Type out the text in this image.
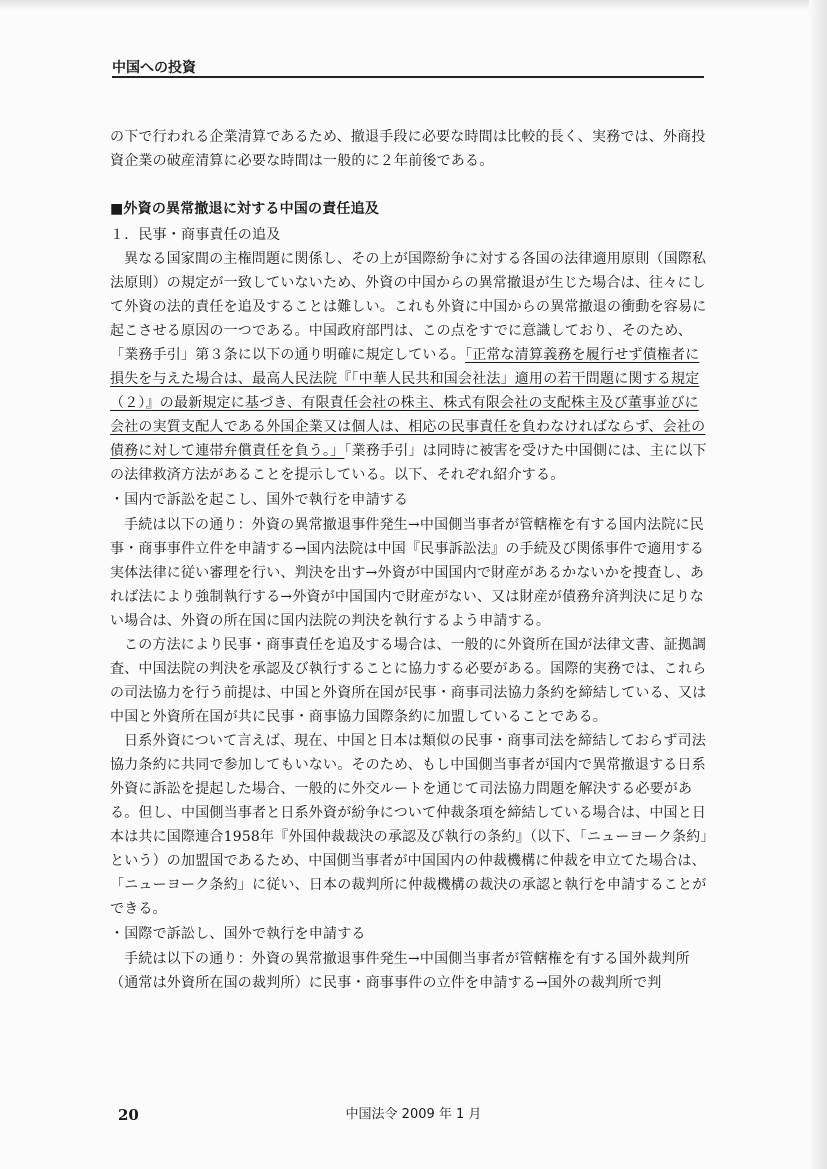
中国への投資

の下で行われる企業清算であるため、撤退手段に必要な時間は比較的長く、実務では、外商投資企業の破産清算に必要な時間は一般的に２年前後である。

■外資の異常撤退に対する中国の責任追及

１．民事・商事責任の追及

異なる国家間の主権問題に関係し、その上が国際紛争に対する各国の法律適用原則（国際私法原則）の規定が一致していないため、外資の中国からの異常撤退が生じた場合は、往々にして外資の法的責任を追及することは難しい。これも外資に中国からの異常撤退の衝動を容易に起こさせる原因の一つである。中国政府部門は、この点をすでに意識しており、そのため、「業務手引」第３条に以下の通り明確に規定している。「正常な清算義務を履行せず債権者に損失を与えた場合は、最高人民法院『「中華人民共和国会社法」適用の若干問題に関する規定（２）』の最新規定に基づき、有限責任会社の株主、株式有限会社の支配株主及び董事並びに会社の実質支配人である外国企業又は個人は、相応の民事責任を負わなければならず、会社の債務に対して連帯弁償責任を負う。」「業務手引」は同時に被害を受けた中国側には、主に以下の法律救済方法があることを提示している。以下、それぞれ紹介する。

・国内で訴訟を起こし、国外で執行を申請する

手続は以下の通り：外資の異常撤退事件発生→中国側当事者が管轄権を有する国内法院に民事・商事事件立件を申請する→国内法院は中国『民事訴訟法』の手続及び関係事件で適用する実体法律に従い審理を行い、判決を出す→外資が中国国内で財産があるかないかを捜査し、あれば法により強制執行する→外資が中国国内で財産がない、又は財産が債務弁済判決に足りない場合は、外資の所在国に国内法院の判決を執行するよう申請する。

この方法により民事・商事責任を追及する場合は、一般的に外資所在国が法律文書、証拠調査、中国法院の判決を承認及び執行することに協力する必要がある。国際的実務では、これらの司法協力を行う前提は、中国と外資所在国が民事・商事司法協力条約を締結している、又は中国と外資所在国が共に民事・商事協力国際条約に加盟していることである。

日系外資について言えば、現在、中国と日本は類似の民事・商事司法を締結しておらず司法協力条約に共同で参加してもいない。そのため、もし中国側当事者が国内で異常撤退する日系外資に訴訟を提起した場合、一般的に外交ルートを通じて司法協力問題を解決する必要がある。但し、中国側当事者と日系外資が紛争について仲裁条項を締結している場合は、中国と日本は共に国際連合1958年『外国仲裁裁決の承認及び執行の条約』（以下、「ニューヨーク条約」という）の加盟国であるため、中国側当事者が中国国内の仲裁機構に仲裁を申立てた場合は、「ニューヨーク条約」に従い、日本の裁判所に仲裁機構の裁決の承認と執行を申請することができる。

・国際で訴訟し、国外で執行を申請する

手続は以下の通り：外資の異常撤退事件発生→中国側当事者が管轄権を有する国外裁判所（通常は外資所在国の裁判所）に民事・商事事件の立件を申請する→国外の裁判所で判

20	中国法令 2009 年 1 月
